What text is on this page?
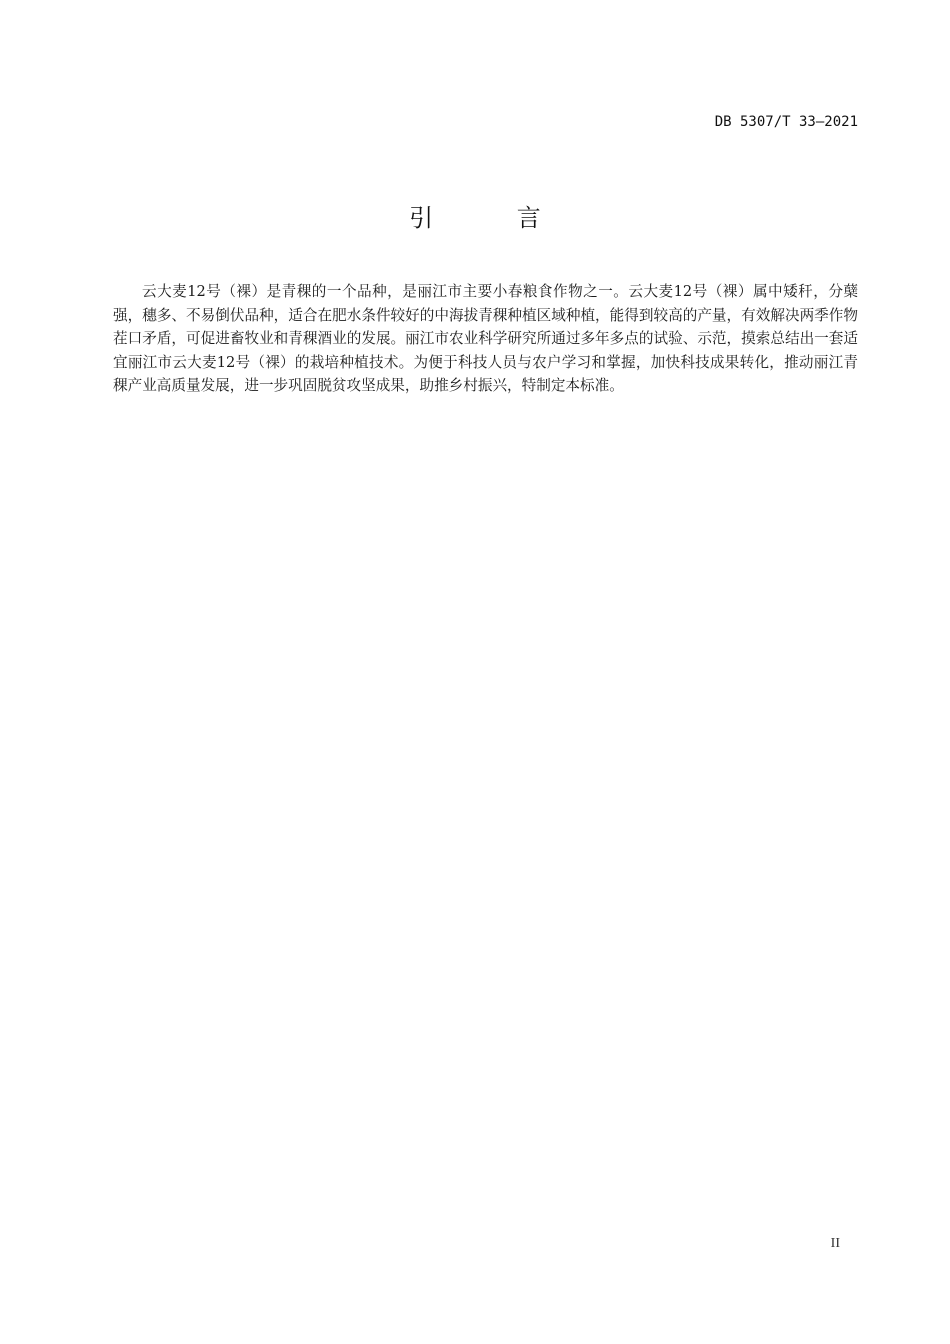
DB 5307/T 33—2021
引 言

云大麦12号（裸）是青稞的一个品种，是丽江市主要小春粮食作物之一。云大麦12号（裸）属中矮秆，分蘖强，穗多、不易倒伏品种，适合在肥水条件较好的中海拔青稞种植区域种植，能得到较高的产量，有效解决两季作物茬口矛盾，可促进畜牧业和青稞酒业的发展。丽江市农业科学研究所通过多年多点的试验、示范，摸索总结出一套适宜丽江市云大麦12号（裸）的栽培种植技术。为便于科技人员与农户学习和掌握，加快科技成果转化，推动丽江青稞产业高质量发展，进一步巩固脱贫攻坚成果，助推乡村振兴，特制定本标准。

II
